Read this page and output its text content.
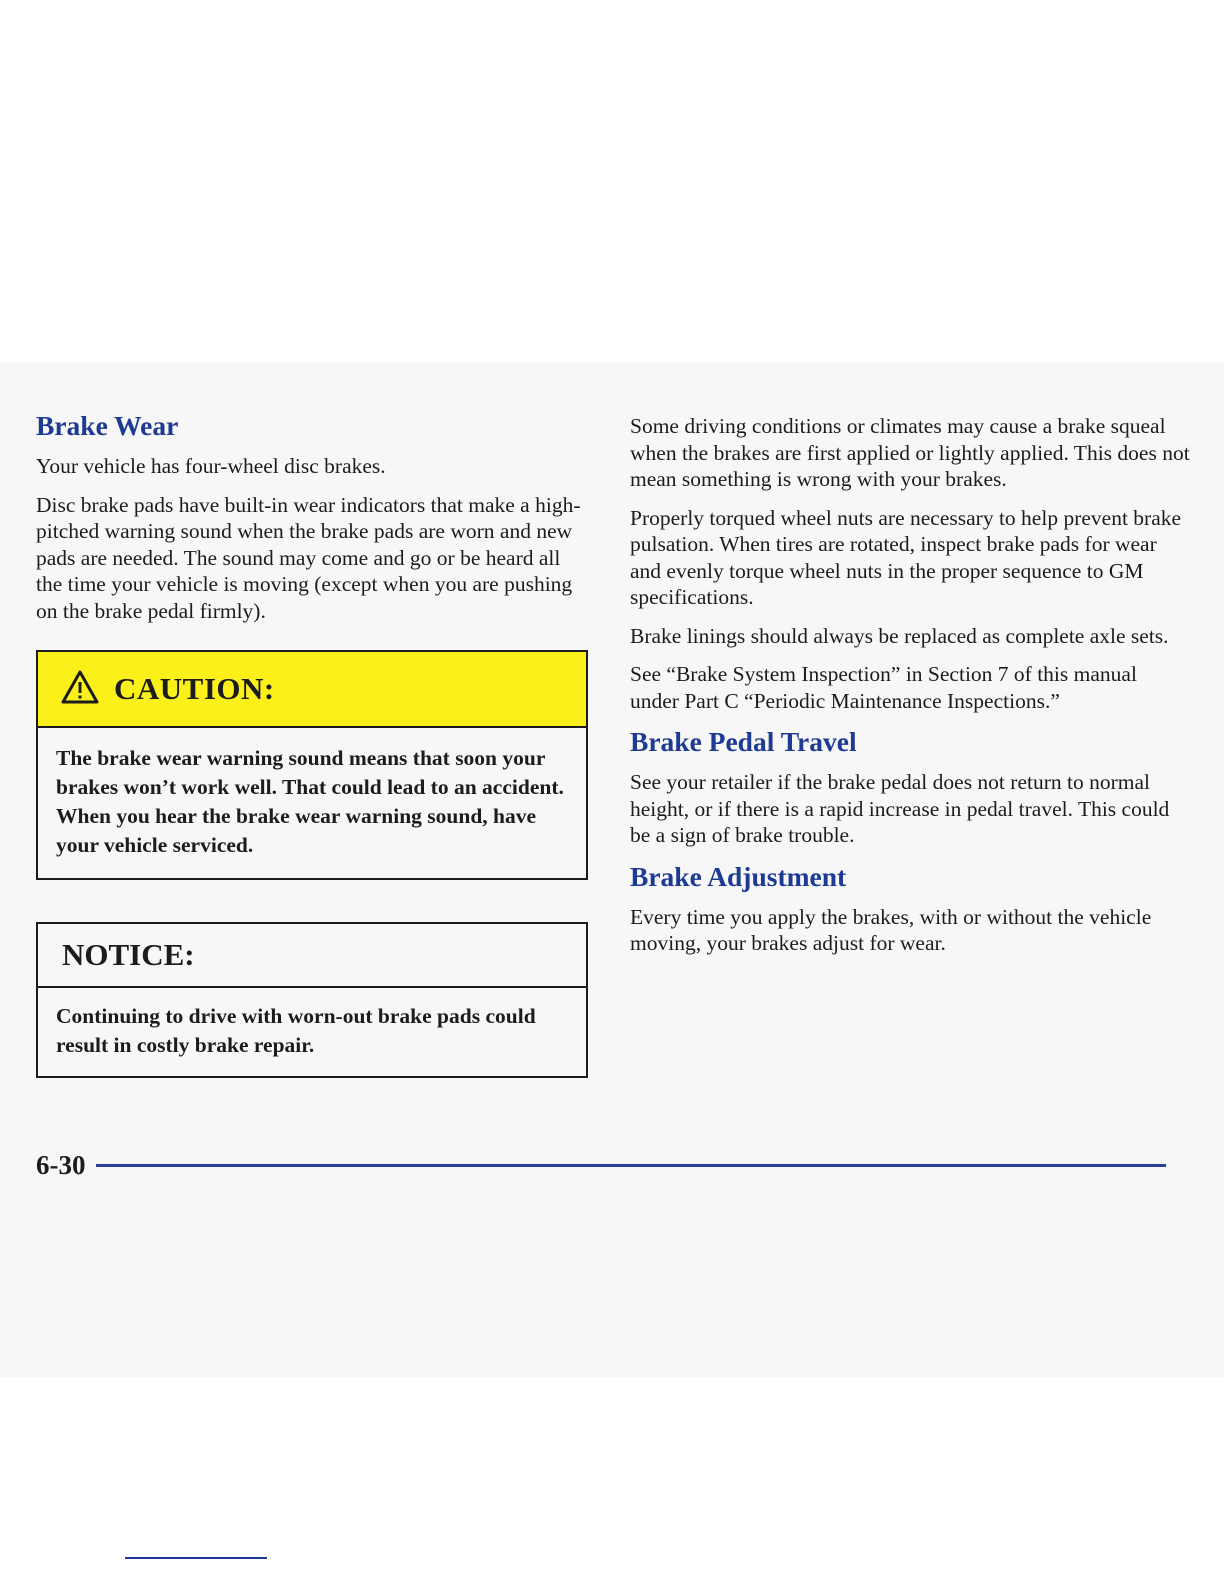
Brake Wear

Your vehicle has four-wheel disc brakes.

Disc brake pads have built-in wear indicators that make a high-pitched warning sound when the brake pads are worn and new pads are needed. The sound may come and go or be heard all the time your vehicle is moving (except when you are pushing on the brake pedal firmly).

CAUTION:
The brake wear warning sound means that soon your brakes won’t work well. That could lead to an accident. When you hear the brake wear warning sound, have your vehicle serviced.
NOTICE:
Continuing to drive with worn-out brake pads could result in costly brake repair.

Some driving conditions or climates may cause a brake squeal when the brakes are first applied or lightly applied. This does not mean something is wrong with your brakes.

Properly torqued wheel nuts are necessary to help prevent brake pulsation. When tires are rotated, inspect brake pads for wear and evenly torque wheel nuts in the proper sequence to GM specifications.

Brake linings should always be replaced as complete axle sets.

See “Brake System Inspection” in Section 7 of this manual under Part C “Periodic Maintenance Inspections.”

Brake Pedal Travel

See your retailer if the brake pedal does not return to normal height, or if there is a rapid increase in pedal travel. This could be a sign of brake trouble.

Brake Adjustment

Every time you apply the brakes, with or without the vehicle moving, your brakes adjust for wear.

6-30
